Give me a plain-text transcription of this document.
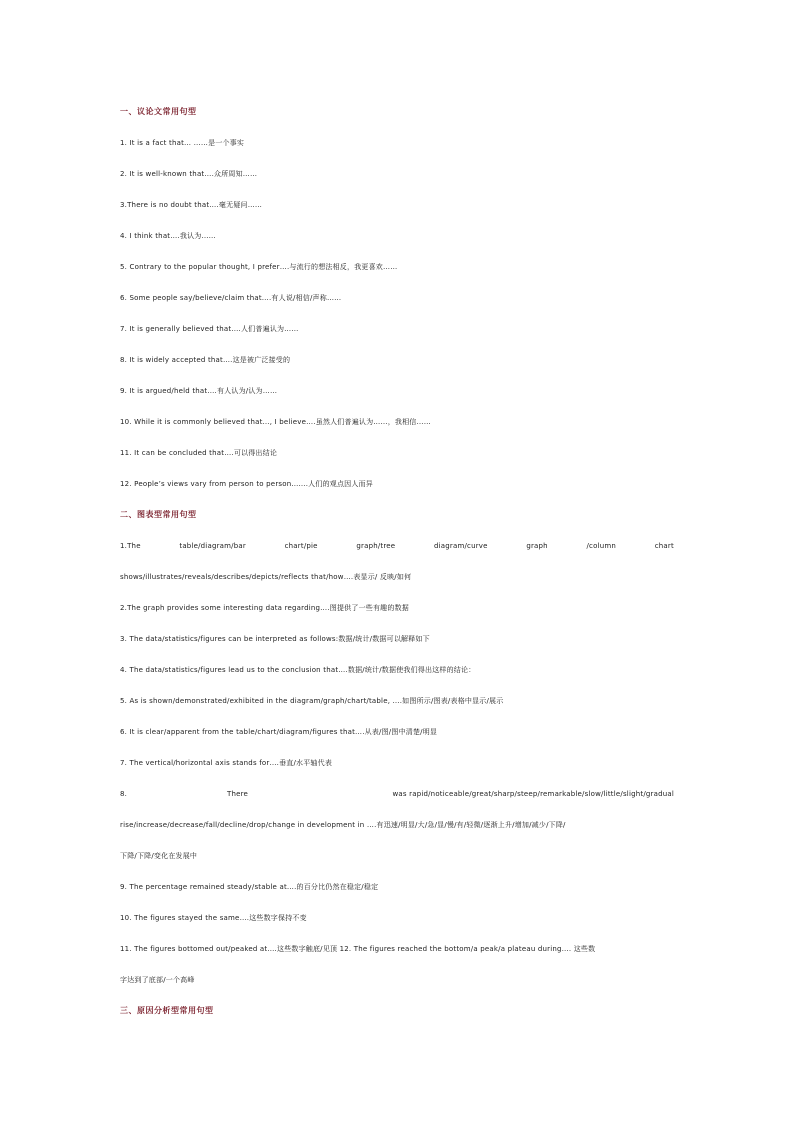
一、议论文常用句型
1. It is a fact that… ……是一个事实
2. It is well-known that….众所周知……
3.There is no doubt that….毫无疑问……
4. I think that….我认为……
5. Contrary to the popular thought, I prefer….与流行的想法相反，我更喜欢……
6. Some people say/believe/claim that….有人说/相信/声称……
7. It is generally believed that….人们普遍认为……
8. It is widely accepted that….这是被广泛接受的
9. It is argued/held that….有人认为/认为……
10. While it is commonly believed that…, I believe….虽然人们普遍认为……，我相信……
11. It can be concluded that….可以得出结论
12. People’s views vary from person to person…….人们的观点因人而异
二、图表型常用句型
1.The	table/diagram/bar	chart/pie	graph/tree	diagram/curve	graph	/column	chart
shows/illustrates/reveals/describes/depicts/reflects that/how….表显示/ 反映/如何
2.The graph provides some interesting data regarding….图提供了一些有趣的数据
3. The data/statistics/figures can be interpreted as follows:数据/统计/数据可以解释如下
4. The data/statistics/figures lead us to the conclusion that….数据/统计/数据使我们得出这样的结论：
5. As is shown/demonstrated/exhibited in the diagram/graph/chart/table, ….如图所示/图表/表格中显示/展示
6. It is clear/apparent from the table/chart/diagram/figures that….从表/图/图中清楚/明显
7. The vertical/horizontal axis stands for….垂直/水平轴代表
8.	There	was rapid/noticeable/great/sharp/steep/remarkable/slow/little/slight/gradual
rise/increase/decrease/fall/decline/drop/change in development in ….有迅速/明显/大/急/显/慢/有/轻微/逐渐上升/增加/减少/下降/
下降/下降/变化在发展中
9. The percentage remained steady/stable at….的百分比仍然在稳定/稳定
10. The figures stayed the same….这些数字保持不变
11. The figures bottomed out/peaked at….这些数字触底/见顶 12. The figures reached the bottom/a peak/a plateau during…. 这些数
字达到了底部/一个高峰
三、原因分析型常用句型
